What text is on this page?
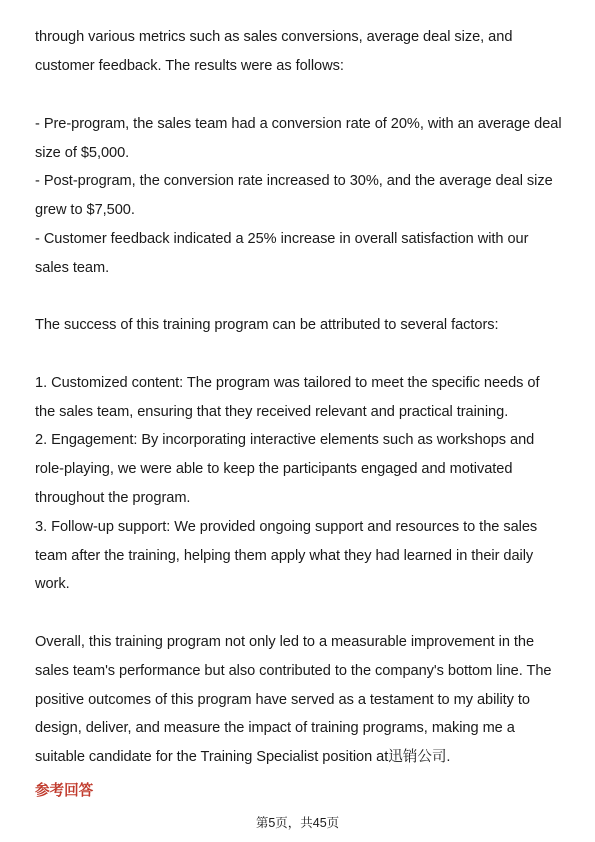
through various metrics such as sales conversions, average deal size, and
customer feedback. The results were as follows:
- Pre-program, the sales team had a conversion rate of 20%, with an average deal
size of $5,000.
- Post-program, the conversion rate increased to 30%, and the average deal size
grew to $7,500.
- Customer feedback indicated a 25% increase in overall satisfaction with our
sales team.
The success of this training program can be attributed to several factors:
1. Customized content: The program was tailored to meet the specific needs of
the sales team, ensuring that they received relevant and practical training.
2. Engagement: By incorporating interactive elements such as workshops and
role-playing, we were able to keep the participants engaged and motivated
throughout the program.
3. Follow-up support: We provided ongoing support and resources to the sales
team after the training, helping them apply what they had learned in their daily
work.
Overall, this training program not only led to a measurable improvement in the
sales team's performance but also contributed to the company's bottom line. The
positive outcomes of this program have served as a testament to my ability to
design, deliver, and measure the impact of training programs, making me a
suitable candidate for the Training Specialist position at迅销公司.
参考回答
第5页，共45页
